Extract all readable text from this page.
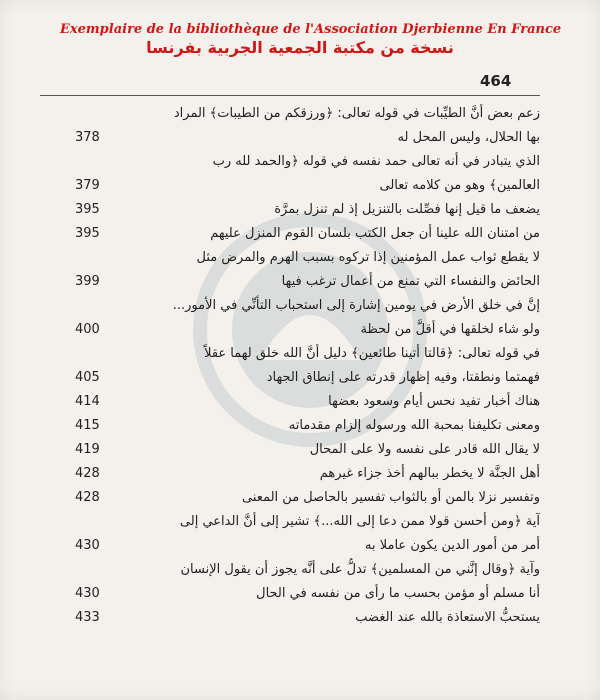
Exemplaire de la bibliothèque de l'Association Djerbienne En France
نسخة من مكتبة الجمعية الجربية بفرنسا
464
زعم بعض أنَّ الطيِّبات في قوله تعالى: ﴿ورزقكم من الطيبات﴾ المراد
بها الحلال، وليس المحل له
378
الذي يتبادر في أنه تعالى حمد نفسه في قوله ﴿والحمد لله رب
العالمين﴾ وهو من كلامه تعالى
379
يضعف ما قيل إنها فصِّلت بالتنزيل إذ لم تنزل بمرَّة
395
من امتنان الله علينا أن جعل الكتب بلسان القوم المنزل عليهم
395
لا يقطع ثواب عمل المؤمنين إذا تركوه بسبب الهرم والمرض مثل
الحائض والنفساء التي تمنع من أعمال ترغب فيها
399
إنَّ في خلق الأرض في يومين إشارة إلى استحباب التأنِّي في الأمور...
ولو شاء لخلقها في أقلَّ من لحظة
400
في قوله تعالى: ﴿قالتا أتينا طائعين﴾ دليل أنَّ الله خلق لهما عقلاً
فهمتما ونطقتا، وفيه إظهار قدرته على إنطاق الجهاد
405
هناك أخبار تفيد نحس أيام وسعود بعضها
414
ومعنى تكليفنا بمحبة الله ورسوله إلزام مقدماته
415
لا يقال الله قادر على نفسه ولا على المحال
419
أهل الجنَّة لا يخطر ببالهم أخذ جزاء غيرهم
428
وتفسير نزلا بالمن أو بالثواب تفسير بالحاصل من المعنى
428
آية ﴿ومن أحسن قولا ممن دعا إلى الله...﴾ تشير إلى أنَّ الداعي إلى
أمر من أمور الدين يكون عاملا به
430
وآية ﴿وقال إنَّني من المسلمين﴾ تدلُّ على أنَّه يجوز أن يقول الإنسان
أنا مسلم أو مؤمن بحسب ما رأى من نفسه في الحال
430
يستحبُّ الاستعاذة بالله عند الغضب
433
